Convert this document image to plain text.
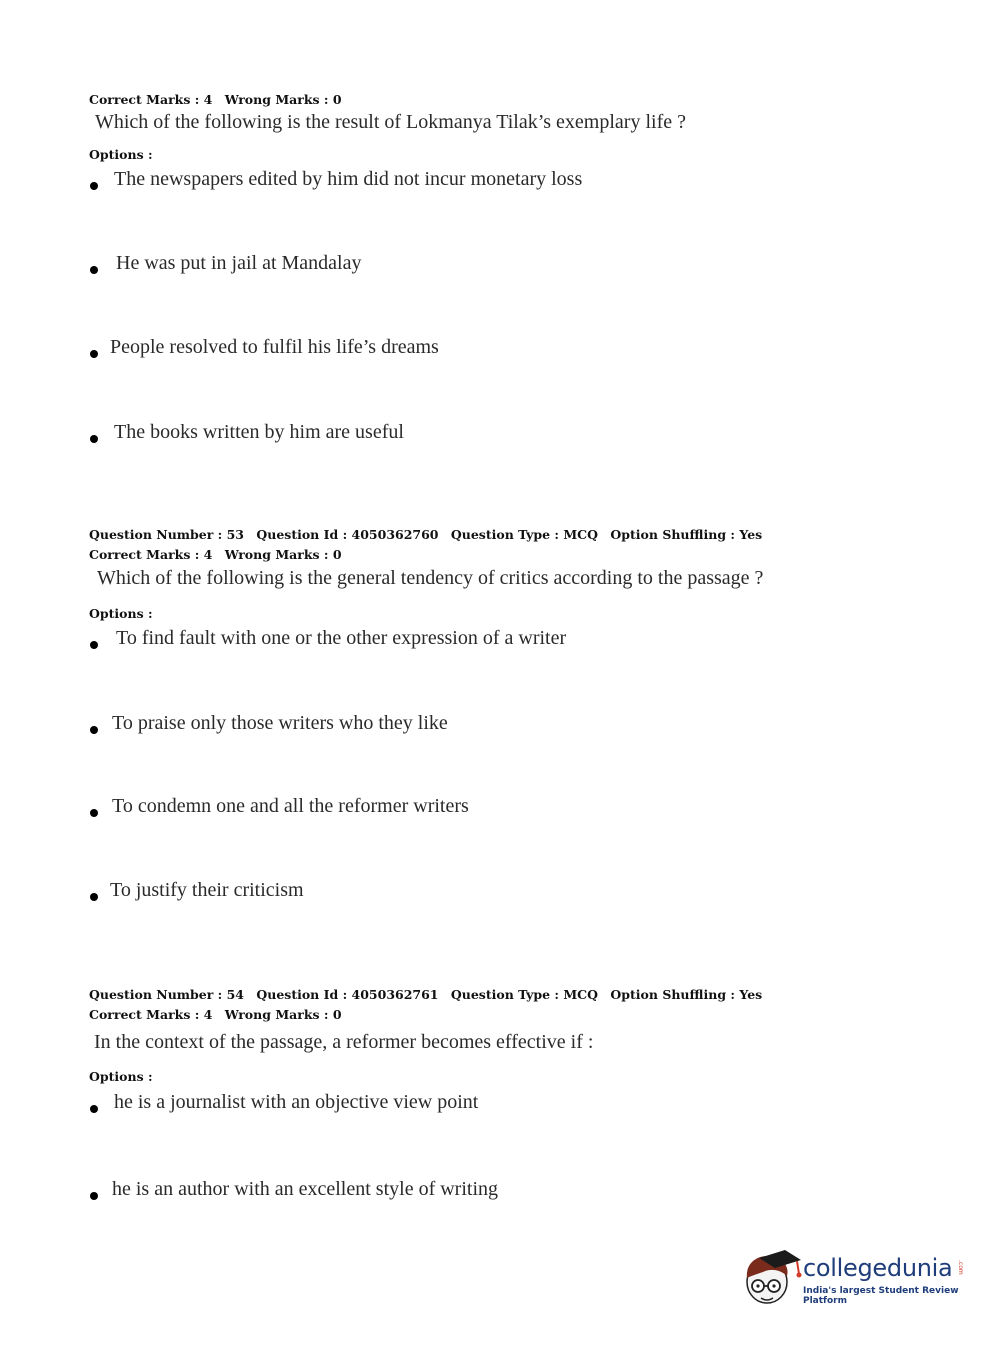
Correct Marks : 4 Wrong Marks : 0
Which of the following is the result of Lokmanya Tilak’s exemplary life ?
Options :
The newspapers edited by him did not incur monetary loss
He was put in jail at Mandalay
People resolved to fulfil his life’s dreams
The books written by him are useful
Question Number : 53 Question Id : 4050362760 Question Type : MCQ Option Shuffling : Yes
Correct Marks : 4 Wrong Marks : 0
Which of the following is the general tendency of critics according to the passage ?
Options :
To find fault with one or the other expression of a writer
To praise only those writers who they like
To condemn one and all the reformer writers
To justify their criticism
Question Number : 54 Question Id : 4050362761 Question Type : MCQ Option Shuffling : Yes
Correct Marks : 4 Wrong Marks : 0
In the context of the passage, a reformer becomes effective if :
Options :
he is a journalist with an objective view point
he is an author with an excellent style of writing
collegedunia .com
India's largest Student Review Platform
